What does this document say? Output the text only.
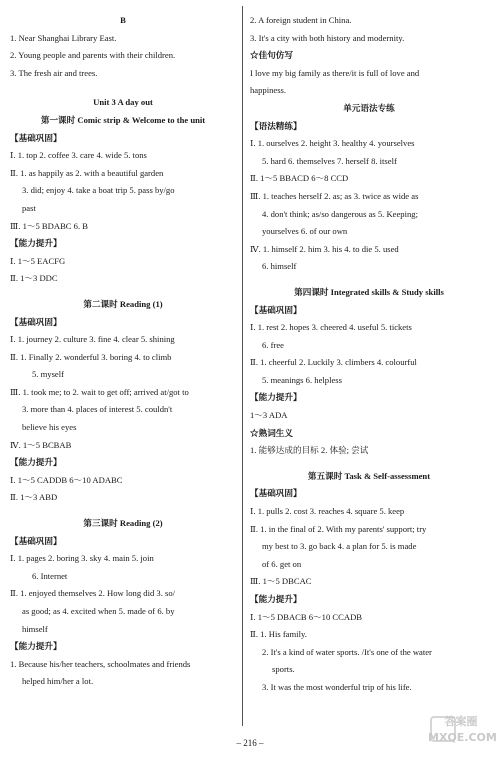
B
1. Near Shanghai Library East.
2. Young people and parents with their children.
3. The fresh air and trees.
Unit 3 A day out
第一课时 Comic strip & Welcome to the unit
【基础巩固】
Ⅰ. 1. top 2. coffee 3. care 4. wide 5. tons
Ⅱ. 1. as happily as 2. with a beautiful garden
3. did; enjoy 4. take a boat trip 5. pass by/go
past
Ⅲ. 1～5 BDABC 6. B
【能力提升】
Ⅰ. 1～5 EACFG
Ⅱ. 1～3 DDC
第二课时 Reading (1)
【基础巩固】
Ⅰ. 1. journey 2. culture 3. fine 4. clear 5. shining
Ⅱ. 1. Finally 2. wonderful 3. boring 4. to climb
5. myself
Ⅲ. 1. took me; to 2. wait to get off; arrived at/got to
3. more than 4. places of interest 5. couldn't
believe his eyes
Ⅳ. 1～5 BCBAB
【能力提升】
Ⅰ. 1～5 CADDB 6～10 ADABC
Ⅱ. 1～3 ABD
第三课时 Reading (2)
【基础巩固】
Ⅰ. 1. pages 2. boring 3. sky 4. main 5. join
6. Internet
Ⅱ. 1. enjoyed themselves 2. How long did 3. so/
as good; as 4. excited when 5. made of 6. by
himself
【能力提升】
1. Because his/her teachers, schoolmates and friends
helped him/her a lot.
2. A foreign student in China.
3. It's a city with both history and modernity.
☆佳句仿写
I love my big family as there/it is full of love and
happiness.
单元语法专练
【语法精练】
Ⅰ. 1. ourselves 2. height 3. healthy 4. yourselves
5. hard 6. themselves 7. herself 8. itself
Ⅱ. 1～5 BBACD 6～8 CCD
Ⅲ. 1. teaches herself 2. as; as 3. twice as wide as
4. don't think; as/so dangerous as 5. Keeping;
yourselves 6. of our own
Ⅳ. 1. himself 2. him 3. his 4. to die 5. used
6. himself
第四课时 Integrated skills & Study skills
【基础巩固】
Ⅰ. 1. rest 2. hopes 3. cheered 4. useful 5. tickets
6. free
Ⅱ. 1. cheerful 2. Luckily 3. climbers 4. colourful
5. meanings 6. helpless
【能力提升】
1～3 ADA
☆熟词生义
1. 能够达成的目标 2. 体验; 尝试
第五课时 Task & Self-assessment
【基础巩固】
Ⅰ. 1. pulls 2. cost 3. reaches 4. square 5. keep
Ⅱ. 1. in the final of 2. With my parents' support; try
my best to 3. go back 4. a plan for 5. is made
of 6. get on
Ⅲ. 1～5 DBCAC
【能力提升】
Ⅰ. 1～5 DBACB 6～10 CCADB
Ⅱ. 1. His family.
2. It's a kind of water sports. /It's one of the water
sports.
3. It was the most wonderful trip of his life.
– 216 –
答案圈
MXQE.COM
